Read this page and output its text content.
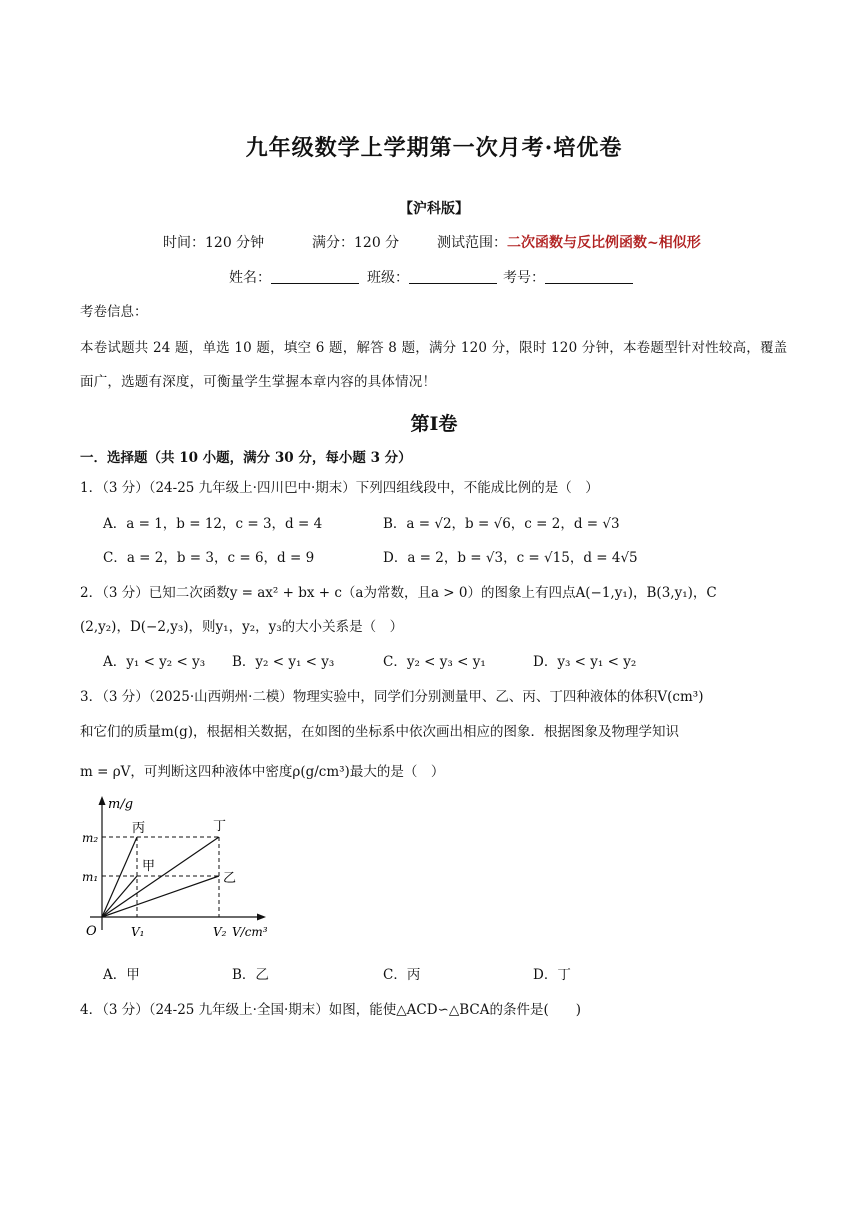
九年级数学上学期第一次月考·培优卷
【沪科版】
时间：120 分钟	满分：120 分	测试范围：二次函数与反比例函数~相似形
姓名：	班级：	考号：
考卷信息：
本卷试题共 24 题，单选 10 题，填空 6 题，解答 8 题，满分 120 分，限时 120 分钟，本卷题型针对性较高，覆盖面广，选题有深度，可衡量学生掌握本章内容的具体情况！
第Ⅰ卷
一．选择题（共 10 小题，满分 30 分，每小题 3 分）
1．（3 分）（24-25 九年级上·四川巴中·期末）下列四组线段中，不能成比例的是（　）
A．a = 1，b = 12，c = 3，d = 4	B．a = √2，b = √6，c = 2，d = √3
C．a = 2，b = 3，c = 6，d = 9	D．a = 2，b = √3，c = √15，d = 4√5
2．（3 分）已知二次函数y = ax² + bx + c（a为常数，且a > 0）的图象上有四点A(−1,y₁)，B(3,y₁)，C
(2,y₂)，D(−2,y₃)，则y₁，y₂，y₃的大小关系是（　）
A．y₁ < y₂ < y₃ B．y₂ < y₁ < y₃	C．y₂ < y₃ < y₁	D．y₃ < y₁ < y₂
3．（3 分）（2025·山西朔州·二模）物理实验中，同学们分别测量甲、乙、丙、丁四种液体的体积V(cm³)
和它们的质量m(g)，根据相关数据，在如图的坐标系中依次画出相应的图象．根据图象及物理学知识
m = ρV，可判断这四种液体中密度ρ(g/cm³)最大的是（　）
m/g
m₂
m₁
O	V₁	V₂ V/cm³
丙
甲
丁
乙
A．甲	B．乙	C．丙	D．丁
4．（3 分）（24-25 九年级上·全国·期末）如图，能使△ACD∽△BCA的条件是(　　)
